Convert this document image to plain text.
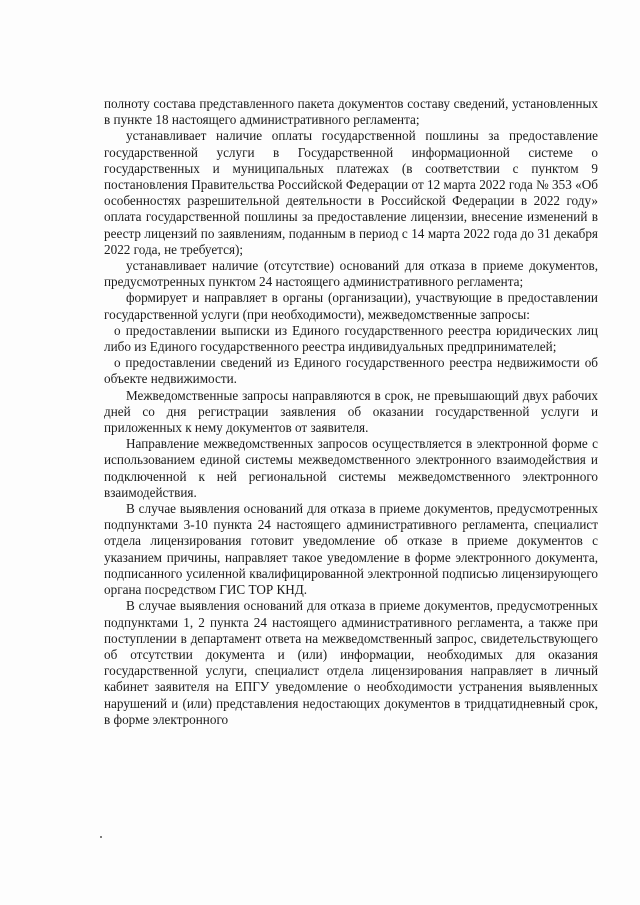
полноту состава представленного пакета документов составу сведений, установленных в пункте 18 настоящего административного регламента;

устанавливает наличие оплаты государственной пошлины за предоставление государственной услуги в Государственной информационной системе о государственных и муниципальных платежах (в соответствии с пунктом 9 постановления Правительства Российской Федерации от 12 марта 2022 года № 353 «Об особенностях разрешительной деятельности в Российской Федерации в 2022 году» оплата государственной пошлины за предоставление лицензии, внесение изменений в реестр лицензий по заявлениям, поданным в период с 14 марта 2022 года до 31 декабря 2022 года, не требуется);

устанавливает наличие (отсутствие) оснований для отказа в приеме документов, предусмотренных пунктом 24 настоящего административного регламента;

формирует и направляет в органы (организации), участвующие в предоставлении государственной услуги (при необходимости), межведомственные запросы:

о предоставлении выписки из Единого государственного реестра юридических лиц либо из Единого государственного реестра индивидуальных предпринимателей;

о предоставлении сведений из Единого государственного реестра недвижимости об объекте недвижимости.

Межведомственные запросы направляются в срок, не превышающий двух рабочих дней со дня регистрации заявления об оказании государственной услуги и приложенных к нему документов от заявителя.

Направление межведомственных запросов осуществляется в электронной форме с использованием единой системы межведомственного электронного взаимодействия и подключенной к ней региональной системы межведомственного электронного взаимодействия.

В случае выявления оснований для отказа в приеме документов, предусмотренных подпунктами 3-10 пункта 24 настоящего административного регламента, специалист отдела лицензирования готовит уведомление об отказе в приеме документов с указанием причины, направляет такое уведомление в форме электронного документа, подписанного усиленной квалифицированной электронной подписью лицензирующего органа посредством ГИС ТОР КНД.

В случае выявления оснований для отказа в приеме документов, предусмотренных подпунктами 1, 2 пункта 24 настоящего административного регламента, а также при поступлении в департамент ответа на межведомственный запрос, свидетельствующего об отсутствии документа и (или) информации, необходимых для оказания государственной услуги, специалист отдела лицензирования направляет в личный кабинет заявителя на ЕПГУ уведомление о необходимости устранения выявленных нарушений и (или) представления недостающих документов в тридцатидневный срок, в форме электронного
